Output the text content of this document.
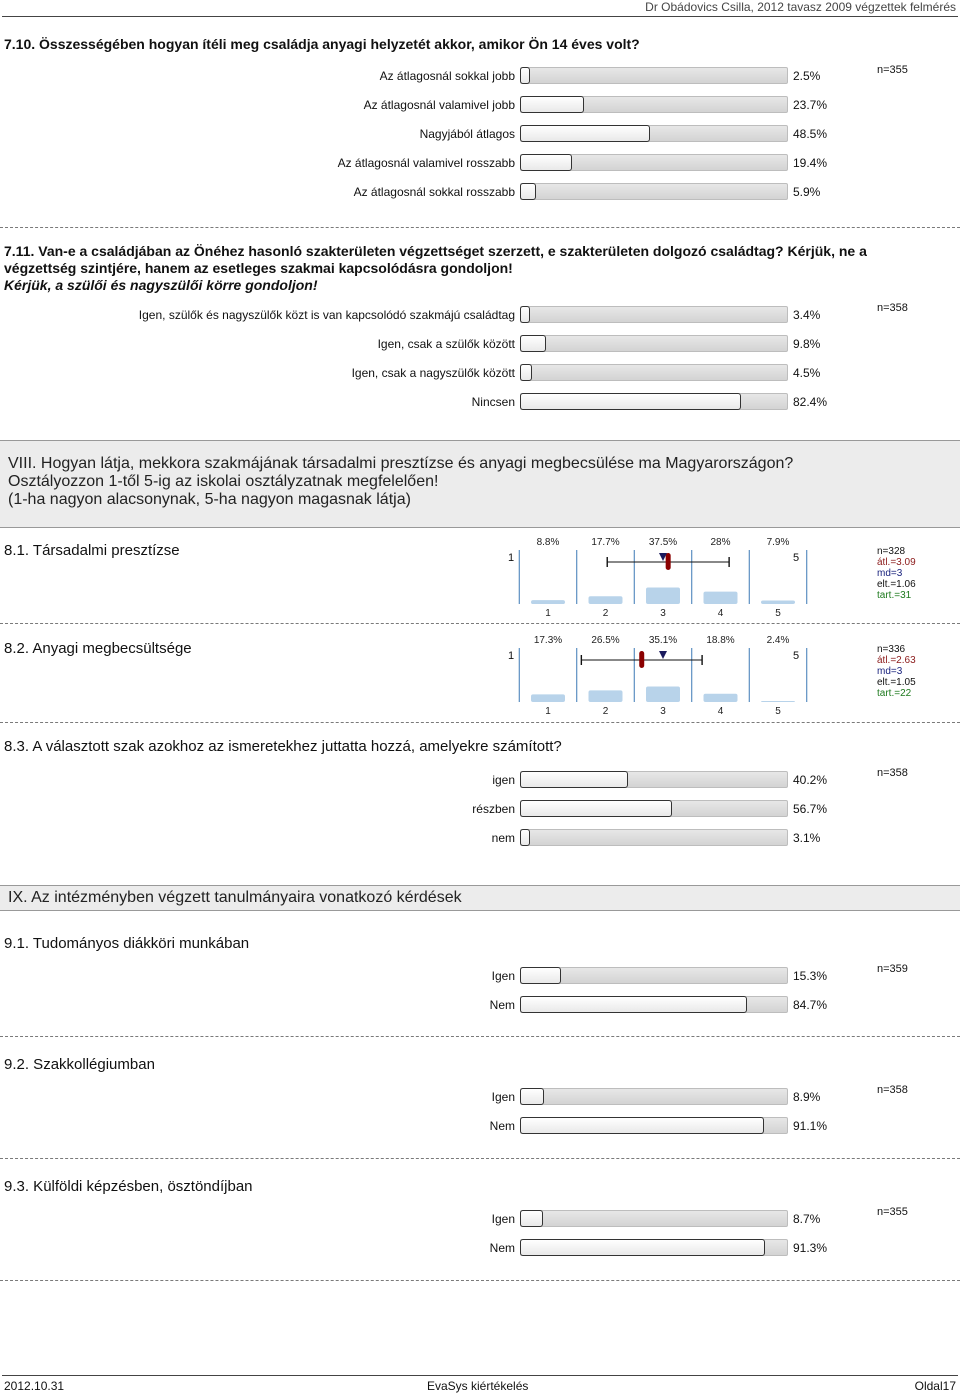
Dr Obádovics Csilla, 2012 tavasz 2009 végzettek felmérés
7.10. Összességében hogyan ítéli meg családja anyagi helyzetét akkor, amikor Ön 14 éves volt?
n=355
Az átlagosnál sokkal jobb	2.5%
Az átlagosnál valamivel jobb	23.7%
Nagyjából átlagos	48.5%
Az átlagosnál valamivel rosszabb	19.4%
Az átlagosnál sokkal rosszabb	5.9%
7.11. Van-e a családjában az Önéhez hasonló szakterületen végzettséget szerzett, e szakterületen dolgozó családtag? Kérjük, ne a
végzettség szintjére, hanem az esetleges szakmai kapcsolódásra gondoljon!
Kérjük, a szülői és nagyszülői körre gondoljon!
n=358
Igen, szülők és nagyszülők közt is van kapcsolódó szakmájú családtag	3.4%
Igen, csak a szülők között	9.8%
Igen, csak a nagyszülők között	4.5%
Nincsen	82.4%
VIII. Hogyan látja, mekkora szakmájának társadalmi presztízse és anyagi megbecsülése ma Magyarországon?
Osztályozzon 1-től 5-ig az iskolai osztályzatnak megfelelően!
(1-ha nagyon alacsonynak, 5-ha nagyon magasnak látja)
8.1. Társadalmi presztízse	1	5
8.8%
1
17.7%
2
37.5%
3
28%
4
7.9%
5
n=328
átl.=3.09
md=3
elt.=1.06
tart.=31
8.2. Anyagi megbecsültsége	1	5
17.3%
1
26.5%
2
35.1%
3
18.8%
4
2.4%
5
n=336
átl.=2.63
md=3
elt.=1.05
tart.=22
8.3. A választott szak azokhoz az ismeretekhez juttatta hozzá, amelyekre számított?
n=358
igen	40.2%
részben	56.7%
nem	3.1%
IX. Az intézményben végzett tanulmányaira vonatkozó kérdések
9.1. Tudományos diákköri munkában
n=359
Igen	15.3%
Nem	84.7%
9.2. Szakkollégiumban
n=358
Igen	8.9%
Nem	91.1%
9.3. Külföldi képzésben, ösztöndíjban
n=355
Igen	8.7%
Nem	91.3%
2012.10.31	EvaSys kiértékelés	Oldal17
